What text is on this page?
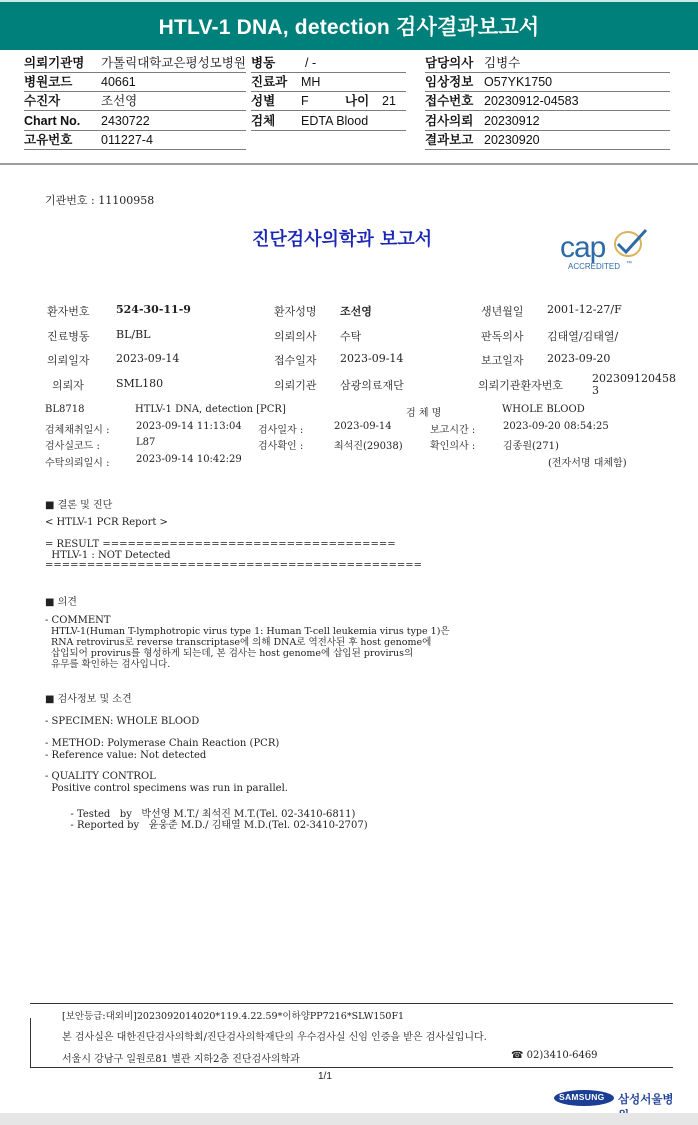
HTLV-1 DNA, detection 검사결과보고서
의뢰기관명 가톨릭대학교은평성모병원
병원코드 40661
수진자	조선영
Chart No. 2430722
고유번호 011227-4
병동 / -
진료과 MH
성별 F	나이 21
검체 EDTA Blood
담당의사 김병수
임상정보 O57YK1750
접수번호 20230912-04583
검사의뢰 20230912
결과보고 20230920
기관번호 : 11100958
진단검사의학과 보고서	cap
ACCREDITED ™
환자번호 524-30-11-9	환자성명 조선영	생년월일 2001-12-27/F
진료병동 BL/BL	의뢰의사 수탁	판독의사 김태열/김태열/
의뢰일자 2023-09-14	접수일자 2023-09-14	보고일자 2023-09-20
의뢰자	SML180	의뢰기관 삼광의료재단	의뢰기관환자번호
202309120458
3
BL8718	HTLV-1 DNA, detection [PCR]	검 체 명	WHOLE BLOOD
검체채취일시 :	2023-09-14 11:13:04 검사일자 :	2023-09-14	보고시간 :	2023-09-20 08:54:25
검사실코드 :	L87	검사확인 :	최석진(29038)	확인의사 :	김종원(271)
수탁의뢰일시 :	2023-09-14 10:42:29	(전자서명 대체함)
■ 결론 및 진단
< HTLV-1 PCR Report >
= RESULT ===================================
HTLV-1 : NOT Detected
=============================================
■ 의견
- COMMENT
HTLV-1(Human T-lymphotropic virus type 1: Human T-cell leukemia virus type 1)은
RNA retrovirus로 reverse transcriptase에 의해 DNA로 역전사된 후 host genome에
삽입되어 provirus를 형성하게 되는데, 본 검사는 host genome에 삽입된 provirus의
유무를 확인하는 검사입니다.
■ 검사정보 및 소견
- SPECIMEN: WHOLE BLOOD
- METHOD: Polymerase Chain Reaction (PCR)
- Reference value: Not detected
- QUALITY CONTROL
Positive control specimens was run in parallel.
- Tested   by   박선영 M.T./ 최석진 M.T.(Tel. 02-3410-6811)
- Reported by   윤웅준 M.D./ 김태열 M.D.(Tel. 02-3410-2707)
[보안등급:대외비]2023092014020*119.4.22.59*이하양PP7216*SLW150F1
본 검사실은 대한진단검사의학회/진단검사의학재단의 우수검사실 신임 인증을 받은 검사실입니다.
서울시 강남구 일원로81 별관 지하2층 진단검사의학과	☎ 02)3410-6469
1/1
SAMSUNG 삼성서울병
